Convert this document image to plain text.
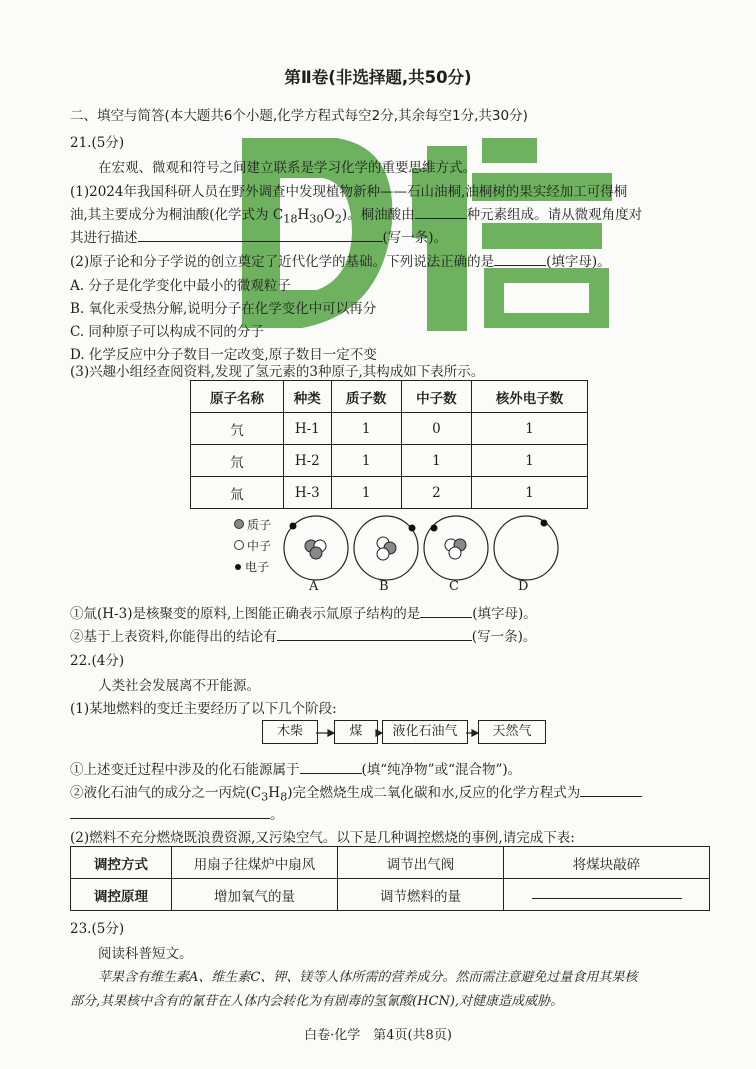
第Ⅱ卷(非选择题,共50分)
二、填空与简答(本大题共6个小题,化学方程式每空2分,其余每空1分,共30分)
21.(5分)
在宏观、微观和符号之间建立联系是学习化学的重要思维方式。
(1)2024年我国科研人员在野外调查中发现植物新种——石山油桐,油桐树的果实经加工可得桐
油,其主要成分为桐油酸(化学式为 $C_{18}H_{30}O_2$)。桐油酸由	种元素组成。请从微观角度对
其进行描述	(写一条)。
(2)原子论和分子学说的创立奠定了近代化学的基础。下列说法正确的是	(填字母)。
A. 分子是化学变化中最小的微观粒子
B. 氧化汞受热分解,说明分子在化学变化中可以再分
C. 同种原子可以构成不同的分子
D. 化学反应中分子数目一定改变,原子数目一定不变
(3)兴趣小组经查阅资料,发现了氢元素的3种原子,其构成如下表所示。
原子名称	种类	质子数	中子数	核外电子数
氕	H-1	1	0	1
氘	H-2	1	1	1
氚	H-3	1	2	1
质子
中子
电子
A	B	C	D
①氚(H-3)是核聚变的原料,上图能正确表示氚原子结构的是	(填字母)。
②基于上表资料,你能得出的结论有	(写一条)。
22.(4分)
人类社会发展离不开能源。
(1)某地燃料的变迁主要经历了以下几个阶段:
木柴	煤	液化石油气	天然气
①上述变迁过程中涉及的化石能源属于	(填“纯净物”或“混合物”)。
②液化石油气的成分之一丙烷$(C_3H_8)$完全燃烧生成二氧化碳和水,反应的化学方程式为
。
(2)燃料不充分燃烧既浪费资源,又污染空气。以下是几种调控燃烧的事例,请完成下表:
调控方式	用扇子往煤炉中扇风	调节出气阀	将煤块敲碎
调控原理	增加氧气的量	调节燃料的量	
23.(5分)
阅读科普短文。
苹果含有维生素A、维生素C、钾、镁等人体所需的营养成分。然而需注意避免过量食用其果核
部分,其果核中含有的氰苷在人体内会转化为有剧毒的氢氰酸(HCN),对健康造成威胁。
白卷·化学　第4页(共8页)
